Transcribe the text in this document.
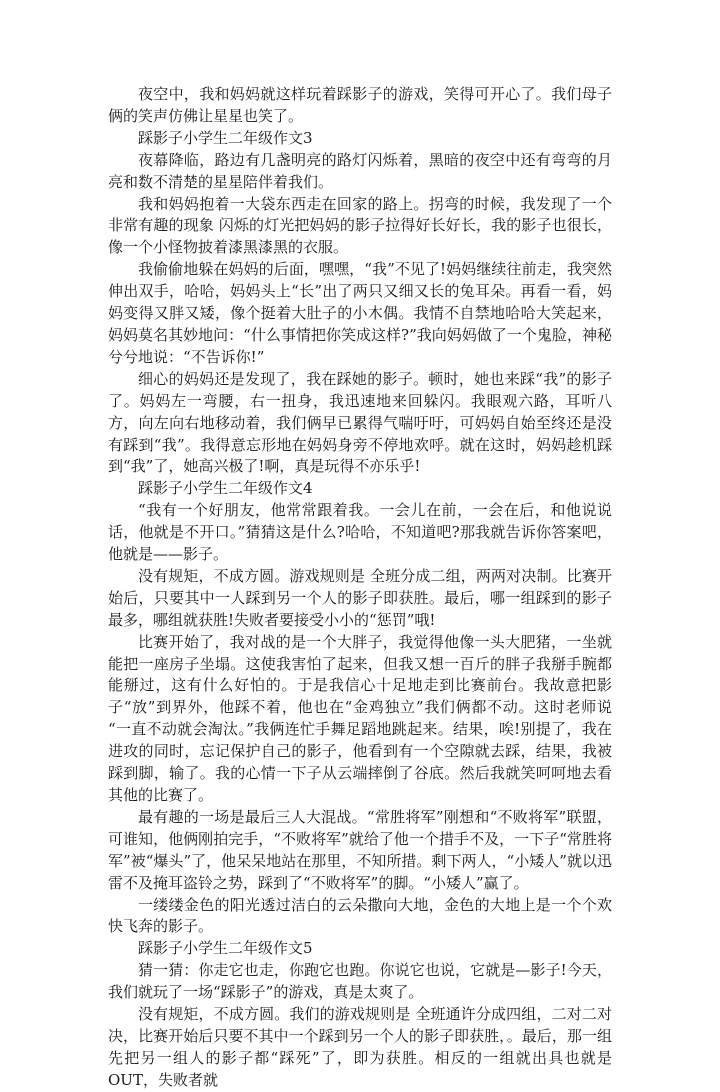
夜空中，我和妈妈就这样玩着踩影子的游戏，笑得可开心了。我们母子俩的笑声仿佛让星星也笑了。

踩影子小学生二年级作文3

夜幕降临，路边有几盏明亮的路灯闪烁着，黑暗的夜空中还有弯弯的月亮和数不清楚的星星陪伴着我们。

我和妈妈抱着一大袋东西走在回家的路上。拐弯的时候，我发现了一个非常有趣的现象 闪烁的灯光把妈妈的影子拉得好长好长，我的影子也很长，像一个小怪物披着漆黑漆黑的衣服。

我偷偷地躲在妈妈的后面，嘿嘿，“我”不见了!妈妈继续往前走，我突然伸出双手，哈哈，妈妈头上“长”出了两只又细又长的兔耳朵。再看一看，妈妈变得又胖又矮，像个挺着大肚子的小木偶。我情不自禁地哈哈大笑起来，妈妈莫名其妙地问：“什么事情把你笑成这样?”我向妈妈做了一个鬼脸，神秘兮兮地说：“不告诉你!”

细心的妈妈还是发现了，我在踩她的影子。顿时，她也来踩“我”的影子了。妈妈左一弯腰，右一扭身，我迅速地来回躲闪。我眼观六路，耳听八方，向左向右地移动着，我们俩早已累得气喘吁吁，可妈妈自始至终还是没有踩到“我”。我得意忘形地在妈妈身旁不停地欢呼。就在这时，妈妈趁机踩到“我”了，她高兴极了!啊，真是玩得不亦乐乎!

踩影子小学生二年级作文4

“我有一个好朋友，他常常跟着我。一会儿在前，一会在后，和他说说话，他就是不开口。”猜猜这是什么?哈哈，不知道吧?那我就告诉你答案吧，他就是——影子。

没有规矩，不成方圆。游戏规则是 全班分成二组，两两对决制。比赛开始后，只要其中一人踩到另一个人的影子即获胜。最后，哪一组踩到的影子最多，哪组就获胜!失败者要接受小小的“惩罚”哦!

比赛开始了，我对战的是一个大胖子，我觉得他像一头大肥猪，一坐就能把一座房子坐塌。这使我害怕了起来，但我又想一百斤的胖子我掰手腕都能掰过，这有什么好怕的。于是我信心十足地走到比赛前台。我故意把影子“放”到界外，他踩不着，他也在“金鸡独立”我们俩都不动。这时老师说 “一直不动就会淘汰。”我俩连忙手舞足蹈地跳起来。结果，唉!别提了，我在进攻的同时，忘记保护自己的影子，他看到有一个空隙就去踩，结果，我被踩到脚，输了。我的心情一下子从云端摔倒了谷底。然后我就笑呵呵地去看其他的比赛了。

最有趣的一场是最后三人大混战。“常胜将军”刚想和“不败将军”联盟，可谁知，他俩刚拍完手，“不败将军”就给了他一个措手不及，一下子“常胜将军”被“爆头”了，他呆呆地站在那里，不知所措。剩下两人，“小矮人”就以迅雷不及掩耳盗铃之势，踩到了“不败将军”的脚。“小矮人”赢了。

一缕缕金色的阳光透过洁白的云朵撒向大地，金色的大地上是一个个欢快飞奔的影子。

踩影子小学生二年级作文5

猜一猜：你走它也走，你跑它也跑。你说它也说，它就是—影子!今天，我们就玩了一场“踩影子”的游戏，真是太爽了。

没有规矩，不成方圆。我们的游戏规则是 全班通许分成四组，二对二对决，比赛开始后只要不其中一个踩到另一个人的影子即获胜，。最后，那一组先把另一组人的影子都“踩死”了，即为获胜。相反的一组就出具也就是OUT，失败者就
